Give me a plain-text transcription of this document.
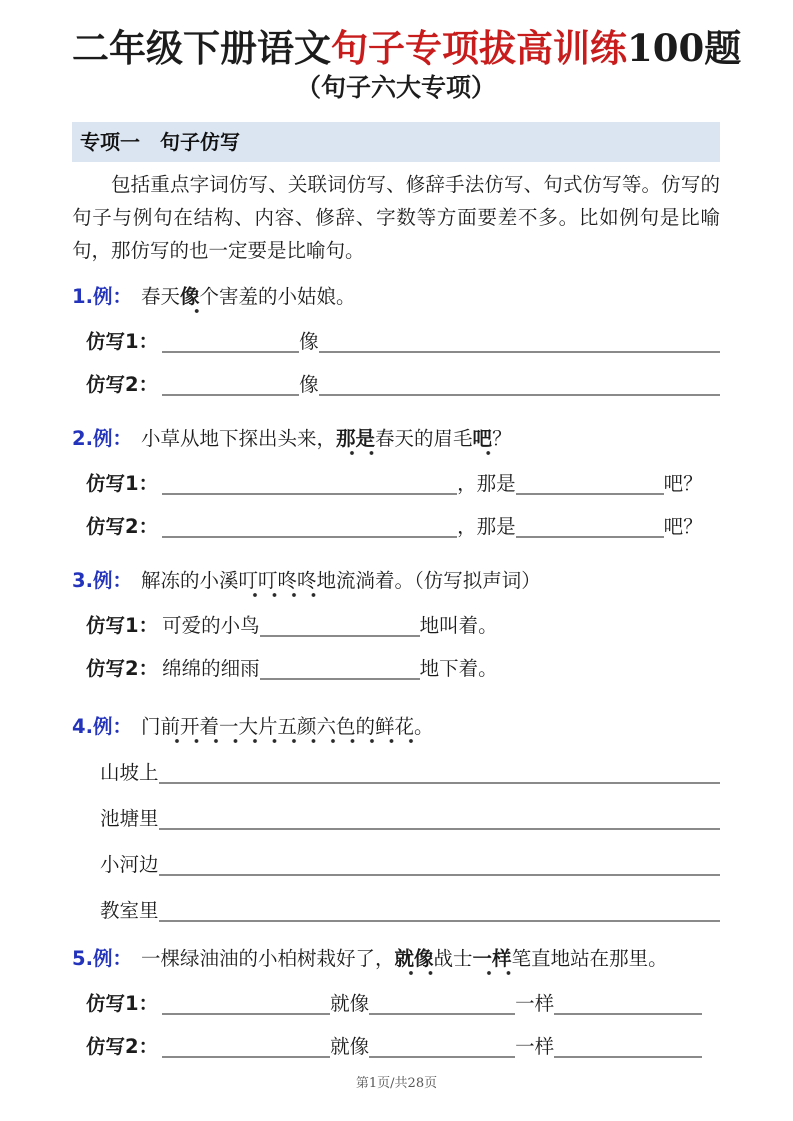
二年级下册语文句子专项拔高训练100题
（句子六大专项）
专项一　句子仿写

包括重点字词仿写、关联词仿写、修辞手法仿写、句式仿写等。仿写的句子与例句在结构、内容、修辞、字数等方面要差不多。比如例句是比喻句，那仿写的也一定要是比喻句。

1.例： 春天像个害羞的小姑娘。
仿写1：	像
仿写2：	像
2.例： 小草从地下探出头来，那是春天的眉毛吧？
仿写1：	，那是	吧？
仿写2：	，那是	吧？
3.例： 解冻的小溪叮叮咚咚地流淌着。（仿写拟声词）
仿写1： 可爱的小鸟	地叫着。
仿写2： 绵绵的细雨	地下着。
4.例： 门前开着一大片五颜六色的鲜花。
山坡上
池塘里
小河边
教室里
5.例： 一棵绿油油的小柏树栽好了，就像战士一样笔直地站在那里。
仿写1：	就像	一样
仿写2：	就像	一样
第1页/共28页
